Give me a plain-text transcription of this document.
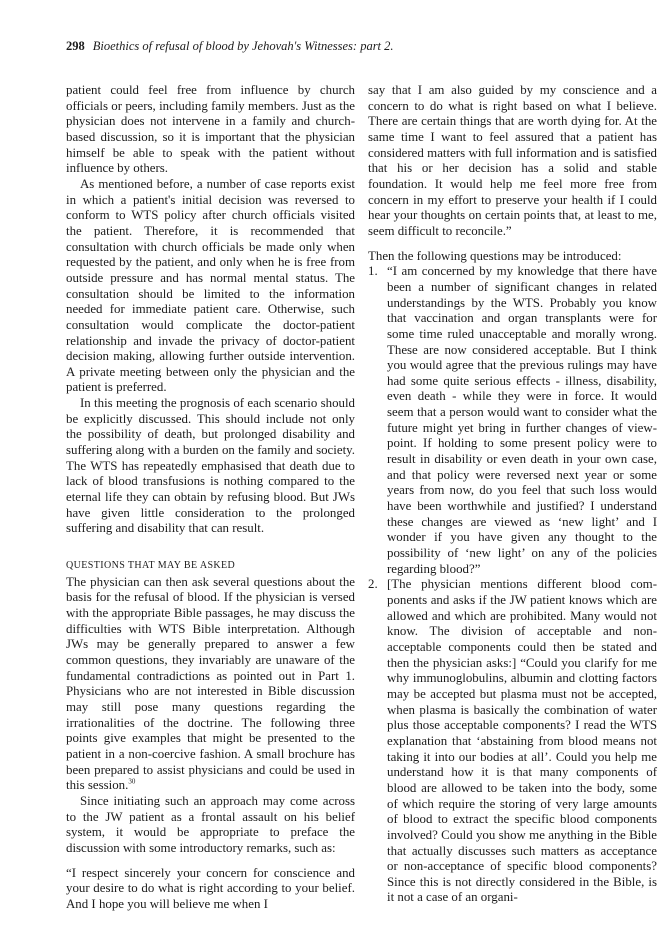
298 Bioethics of refusal of blood by Jehovah's Witnesses: part 2.

patient could feel free from influence by church officials or peers, including family members. Just as the physician does not intervene in a family and church-based discussion, so it is important that the physician himself be able to speak with the patient without influence by others.

As mentioned before, a number of case reports exist in which a patient's initial decision was reversed to conform to WTS policy after church officials visited the patient. Therefore, it is recommended that consultation with church officials be made only when requested by the patient, and only when he is free from outside pressure and has normal mental status. The consultation should be limited to the information needed for immediate patient care. Otherwise, such consultation would complicate the doctor-patient relationship and invade the privacy of doctor-patient decision making, allowing further outside intervention. A private meeting between only the physician and the patient is preferred.

In this meeting the prognosis of each scenario should be explicitly discussed. This should include not only the possibility of death, but prolonged disability and suffering along with a burden on the family and society. The WTS has repeatedly emphasised that death due to lack of blood transfusions is nothing compared to the eternal life they can obtain by refusing blood. But JWs have given little consideration to the prolonged suffering and disability that can result.

QUESTIONS THAT MAY BE ASKED

The physician can then ask several questions about the basis for the refusal of blood. If the physician is versed with the appropriate Bible passages, he may discuss the difficulties with WTS Bible interpretation. Although JWs may be generally prepared to answer a few common questions, they invariably are unaware of the fundamental contradictions as pointed out in Part 1. Physicians who are not interested in Bible discussion may still pose many questions regarding the irrationalities of the doctrine. The following three points give examples that might be presented to the patient in a non-coercive fashion. A small brochure has been prepared to assist physicians and could be used in this session.$^{30}$

Since initiating such an approach may come across to the JW patient as a frontal assault on his belief system, it would be appropriate to preface the discussion with some introductory remarks, such as:

“I respect sincerely your concern for conscience and your desire to do what is right according to your belief. And I hope you will believe me when I

say that I am also guided by my conscience and a concern to do what is right based on what I believe. There are certain things that are worth dying for. At the same time I want to feel assured that a patient has considered matters with full information and is satisfied that his or her decision has a solid and stable foundation. It would help me feel more free from concern in my effort to preserve your health if I could hear your thoughts on certain points that, at least to me, seem difficult to reconcile.”

Then the following questions may be introduced:

1. “I am concerned by my knowledge that there have been a number of significant changes in related understandings by the WTS. Probably you know that vaccination and organ transplants were for some time ruled unacceptable and morally wrong. These are now considered acceptable. But I think you would agree that the previous rulings may have had some quite serious effects - illness, disability, even death - while they were in force. It would seem that a person would want to consider what the future might yet bring in further changes of viewpoint. If holding to some present policy were to result in disability or even death in your own case, and that policy were reversed next year or some years from now, do you feel that such loss would have been worthwhile and justified? I understand these changes are viewed as ‘new light’ and I wonder if you have given any thought to the possibility of ‘new light’ on any of the policies regarding blood?”
2. [The physician mentions different blood components and asks if the JW patient knows which are allowed and which are prohibited. Many would not know. The division of acceptable and non-acceptable components could then be stated and then the physician asks:] “Could you clarify for me why immunoglobulins, albumin and clotting factors may be accepted but plasma must not be accepted, when plasma is basically the combination of water plus those acceptable components? I read the WTS explanation that ‘abstaining from blood means not taking it into our bodies at all’. Could you help me understand how it is that many components of blood are allowed to be taken into the body, some of which require the storing of very large amounts of blood to extract the specific blood components involved? Could you show me anything in the Bible that actually discusses such matters as acceptance or non-acceptance of specific blood components? Since this is not directly considered in the Bible, is it not a case of an organi-
